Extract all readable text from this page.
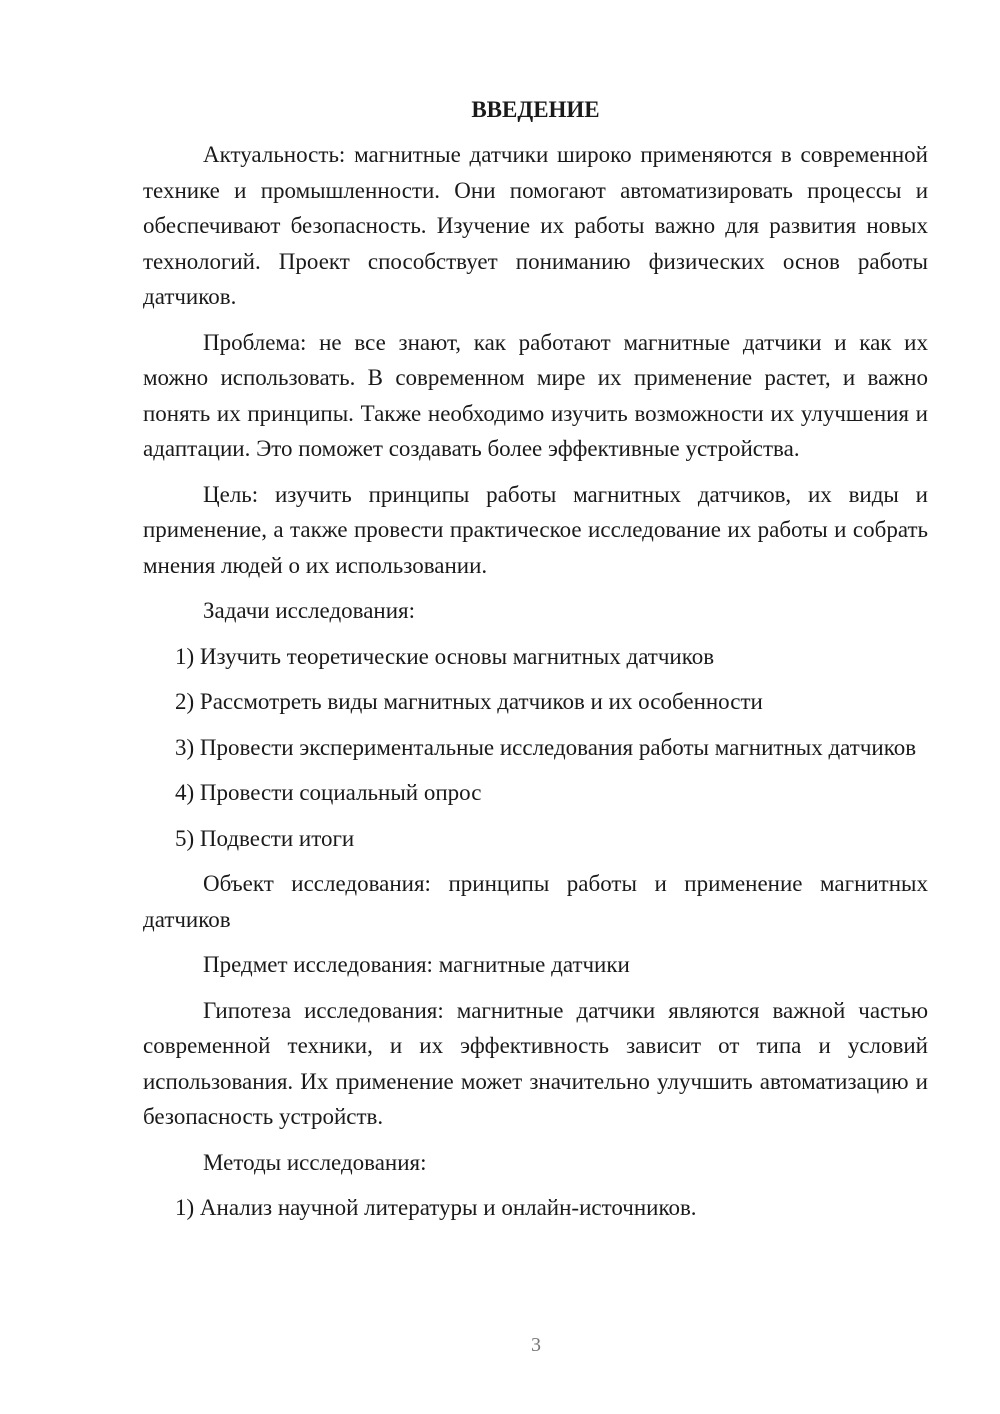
ВВЕДЕНИЕ

Актуальность: магнитные датчики широко применяются в современной технике и промышленности. Они помогают автоматизировать процессы и обеспечивают безопасность. Изучение их работы важно для развития новых технологий. Проект способствует пониманию физических основ работы датчиков.

Проблема: не все знают, как работают магнитные датчики и как их можно использовать. В современном мире их применение растет, и важно понять их принципы. Также необходимо изучить возможности их улучшения и адаптации. Это поможет создавать более эффективные устройства.

Цель: изучить принципы работы магнитных датчиков, их виды и применение, а также провести практическое исследование их работы и собрать мнения людей о их использовании.

Задачи исследования:

1) Изучить теоретические основы магнитных датчиков

2) Рассмотреть виды магнитных датчиков и их особенности

3) Провести экспериментальные исследования работы магнитных датчиков

4) Провести социальный опрос

5) Подвести итоги

Объект исследования: принципы работы и применение магнитных датчиков

Предмет исследования: магнитные датчики

Гипотеза исследования: магнитные датчики являются важной частью современной техники, и их эффективность зависит от типа и условий использования. Их применение может значительно улучшить автоматизацию и безопасность устройств.

Методы исследования:

1) Анализ научной литературы и онлайн-источников.

3
